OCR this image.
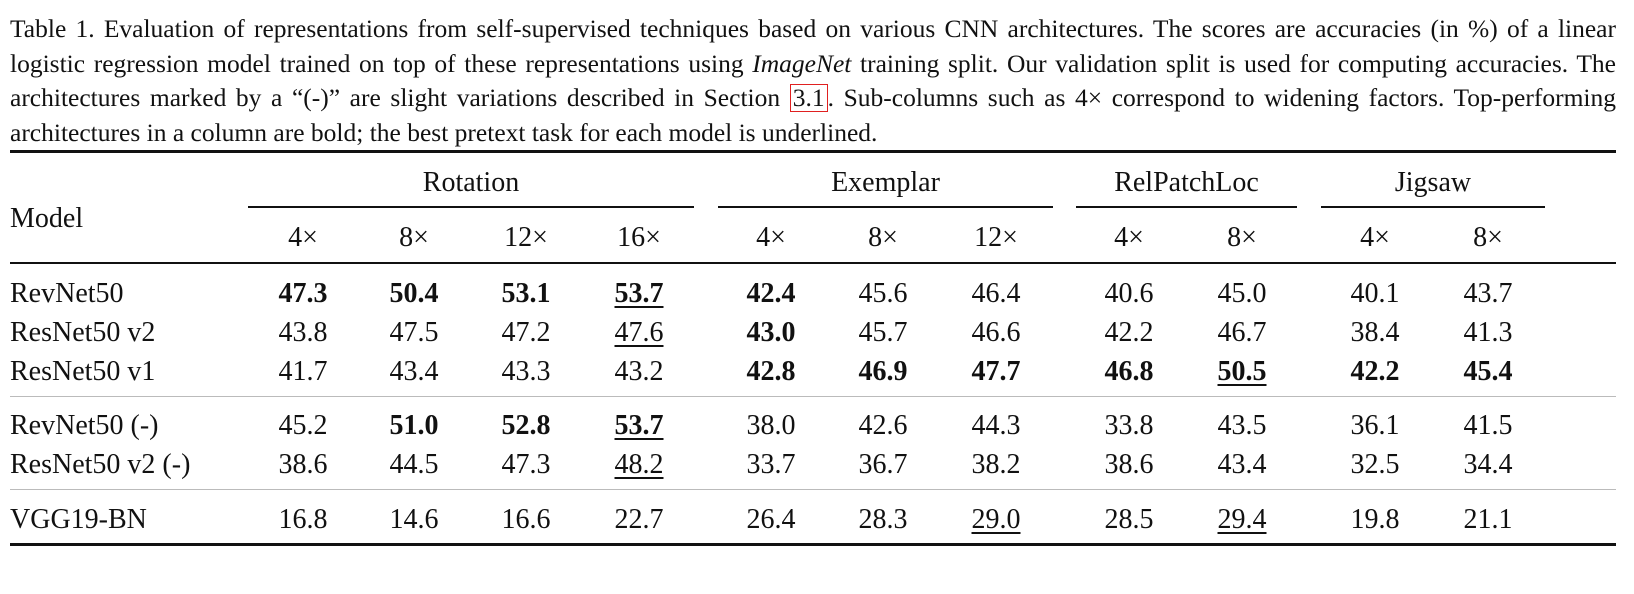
Table 1. Evaluation of representations from self-supervised techniques based on various CNN architectures. The scores are accuracies (in %) of a linear logistic regression model trained on top of these representations using ImageNet training split. Our validation split is used for computing accuracies. The architectures marked by a “(-)” are slight variations described in Section 3.1 . Sub-columns such as 4× correspond to widening factors. Top-performing architectures in a column are bold; the best pretext task for each model is underlined.
Model
Rotation
4×	8×	12× 16×
Exemplar
4×	8×	12×
RelPatchLoc
4×	8×
Jigsaw
4×	8×
RevNet50	47.3 50.4 53.1 53.7	42.4 45.6 46.4	40.6 45.0	40.1 43.7
ResNet50 v2	43.8 47.5 47.2 47.6	43.0 45.7 46.6	42.2 46.7	38.4 41.3
ResNet50 v1	41.7 43.4 43.3 43.2	42.8 46.9 47.7	46.8 50.5	42.2 45.4
RevNet50 (-)	45.2 51.0 52.8 53.7	38.0 42.6 44.3	33.8 43.5	36.1 41.5
ResNet50 v2 (-)	38.6 44.5 47.3 48.2	33.7 36.7 38.2	38.6 43.4	32.5 34.4
VGG19-BN	16.8 14.6 16.6 22.7	26.4 28.3 29.0	28.5 29.4	19.8 21.1
